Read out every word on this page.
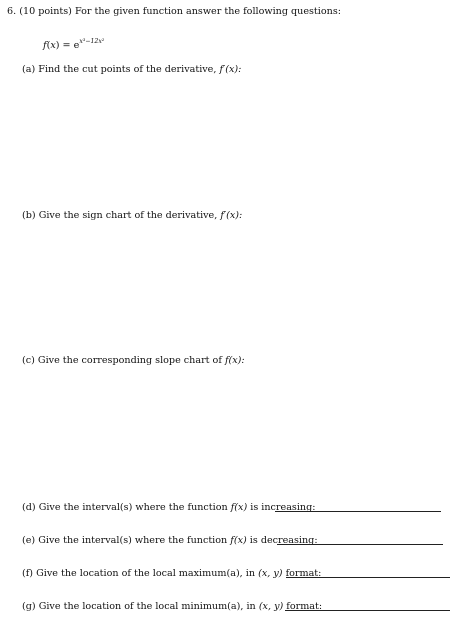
6. (10 points) For the given function answer the following questions:
$f(x) = e^{x^3-12x^2}$
(a) Find the cut points of the derivative, f′(x):
(b) Give the sign chart of the derivative, f′(x):
(c) Give the corresponding slope chart of f(x):
(d) Give the interval(s) where the function f(x) is increasing:
(e) Give the interval(s) where the function f(x) is decreasing:
(f) Give the location of the local maximum(a), in (x, y) format:
(g) Give the location of the local minimum(a), in (x, y) format:
